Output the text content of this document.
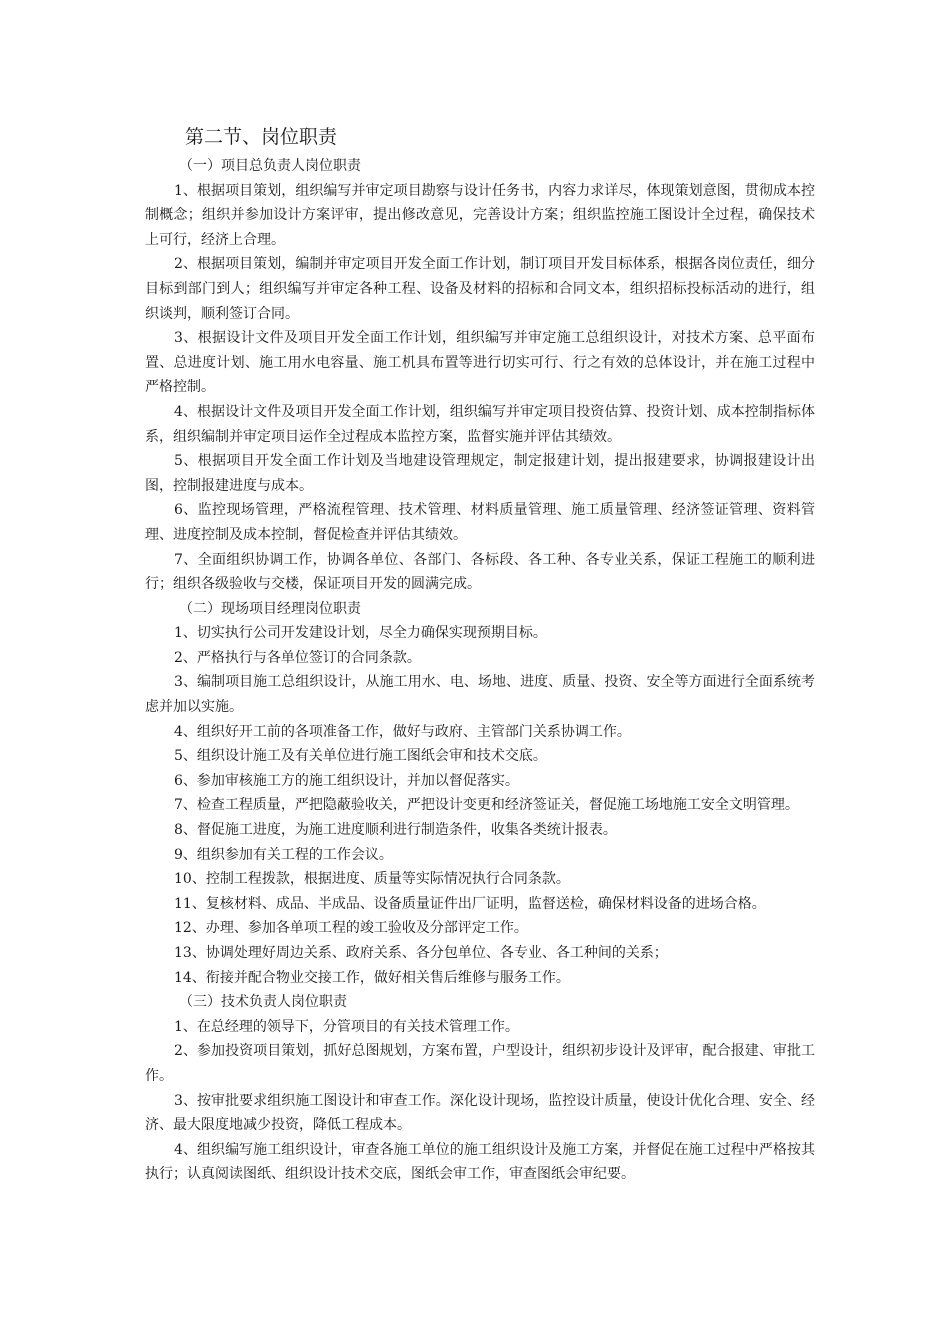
第二节、岗位职责

（一）项目总负责人岗位职责

1、根据项目策划，组织编写并审定项目勘察与设计任务书，内容力求详尽，体现策划意图，贯彻成本控制概念；组织并参加设计方案评审，提出修改意见，完善设计方案；组织监控施工图设计全过程，确保技术上可行，经济上合理。

2、根据项目策划，编制并审定项目开发全面工作计划，制订项目开发目标体系，根据各岗位责任，细分目标到部门到人；组织编写并审定各种工程、设备及材料的招标和合同文本，组织招标投标活动的进行，组织谈判，顺利签订合同。

3、根据设计文件及项目开发全面工作计划，组织编写并审定施工总组织设计，对技术方案、总平面布置、总进度计划、施工用水电容量、施工机具布置等进行切实可行、行之有效的总体设计，并在施工过程中严格控制。

4、根据设计文件及项目开发全面工作计划，组织编写并审定项目投资估算、投资计划、成本控制指标体系，组织编制并审定项目运作全过程成本监控方案，监督实施并评估其绩效。

5、根据项目开发全面工作计划及当地建设管理规定，制定报建计划，提出报建要求，协调报建设计出图，控制报建进度与成本。

6、监控现场管理，严格流程管理、技术管理、材料质量管理、施工质量管理、经济签证管理、资料管理、进度控制及成本控制，督促检查并评估其绩效。

7、全面组织协调工作，协调各单位、各部门、各标段、各工种、各专业关系，保证工程施工的顺利进行；组织各级验收与交楼，保证项目开发的圆满完成。

（二）现场项目经理岗位职责

1、切实执行公司开发建设计划，尽全力确保实现预期目标。

2、严格执行与各单位签订的合同条款。

3、编制项目施工总组织设计，从施工用水、电、场地、进度、质量、投资、安全等方面进行全面系统考虑并加以实施。

4、组织好开工前的各项准备工作，做好与政府、主管部门关系协调工作。

5、组织设计施工及有关单位进行施工图纸会审和技术交底。

6、参加审核施工方的施工组织设计，并加以督促落实。

7、检查工程质量，严把隐蔽验收关，严把设计变更和经济签证关，督促施工场地施工安全文明管理。

8、督促施工进度，为施工进度顺利进行制造条件，收集各类统计报表。

9、组织参加有关工程的工作会议。

10、控制工程拨款，根据进度、质量等实际情况执行合同条款。

11、复核材料、成品、半成品、设备质量证件出厂证明，监督送检，确保材料设备的进场合格。

12、办理、参加各单项工程的竣工验收及分部评定工作。

13、协调处理好周边关系、政府关系、各分包单位、各专业、各工种间的关系；

14、衔接并配合物业交接工作，做好相关售后维修与服务工作。

（三）技术负责人岗位职责

1、在总经理的领导下，分管项目的有关技术管理工作。

2、参加投资项目策划，抓好总图规划，方案布置，户型设计，组织初步设计及评审，配合报建、审批工作。

3、按审批要求组织施工图设计和审查工作。深化设计现场，监控设计质量，使设计优化合理、安全、经济、最大限度地减少投资，降低工程成本。

4、组织编写施工组织设计，审查各施工单位的施工组织设计及施工方案，并督促在施工过程中严格按其执行；认真阅读图纸、组织设计技术交底，图纸会审工作，审查图纸会审纪要。
